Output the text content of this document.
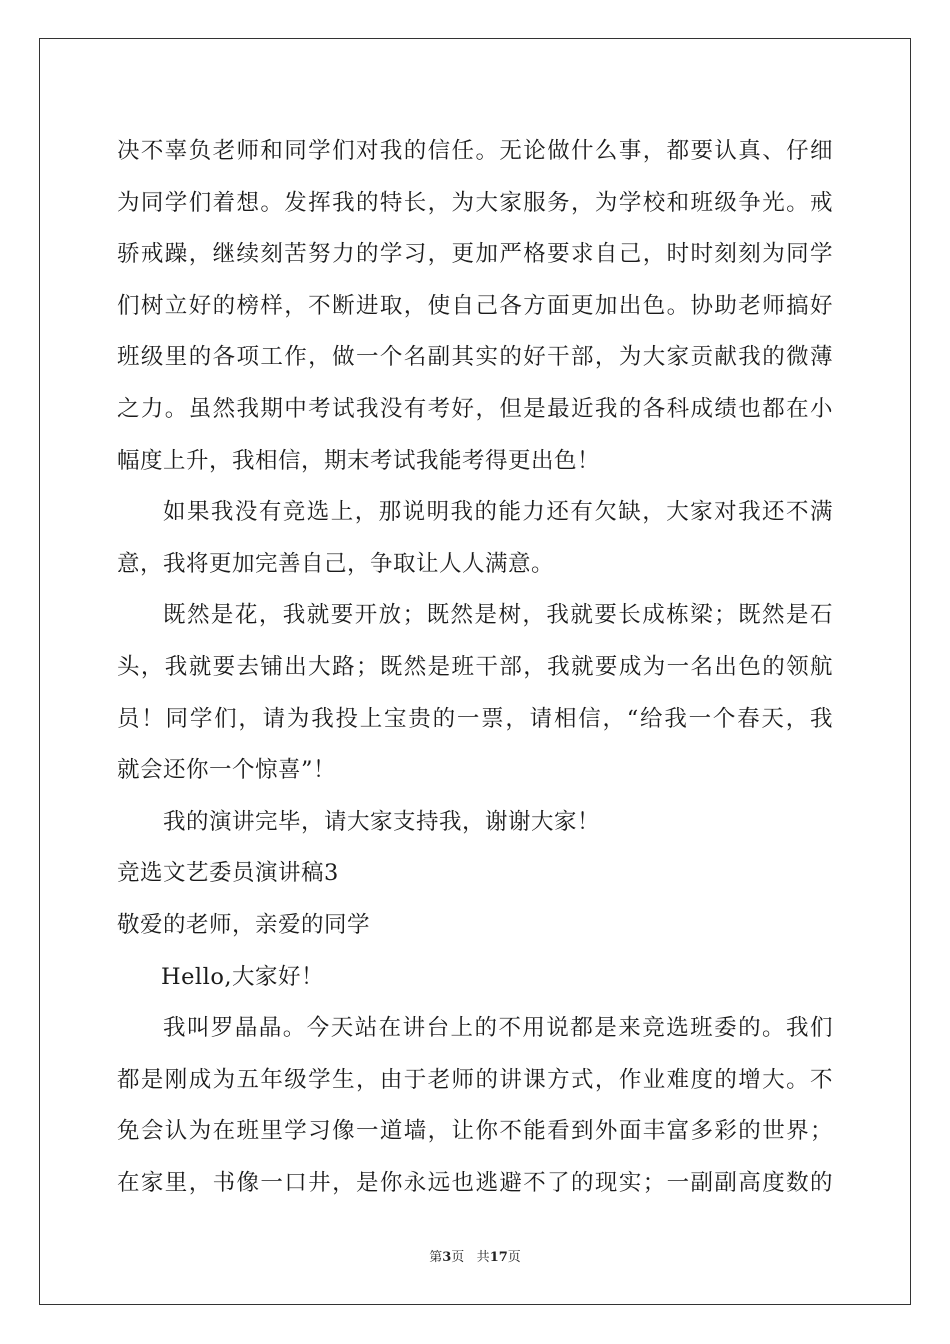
决不辜负老师和同学们对我的信任。无论做什么事，都要认真、仔细
为同学们着想。发挥我的特长，为大家服务，为学校和班级争光。戒
骄戒躁，继续刻苦努力的学习，更加严格要求自己，时时刻刻为同学
们树立好的榜样，不断进取，使自己各方面更加出色。协助老师搞好
班级里的各项工作，做一个名副其实的好干部，为大家贡献我的微薄
之力。虽然我期中考试我没有考好，但是最近我的各科成绩也都在小
幅度上升，我相信，期末考试我能考得更出色！
如果我没有竞选上，那说明我的能力还有欠缺，大家对我还不满
意，我将更加完善自己，争取让人人满意。
既然是花，我就要开放；既然是树，我就要长成栋梁；既然是石
头，我就要去铺出大路；既然是班干部，我就要成为一名出色的领航
员！同学们，请为我投上宝贵的一票，请相信，“给我一个春天，我
就会还你一个惊喜”！
我的演讲完毕，请大家支持我，谢谢大家！
竞选文艺委员演讲稿3
敬爱的老师，亲爱的同学
Hello,大家好！
我叫罗晶晶。今天站在讲台上的不用说都是来竞选班委的。我们
都是刚成为五年级学生，由于老师的讲课方式，作业难度的增大。不
免会认为在班里学习像一道墙，让你不能看到外面丰富多彩的世界；
在家里，书像一口井，是你永远也逃避不了的现实；一副副高度数的
第3页 共17页
